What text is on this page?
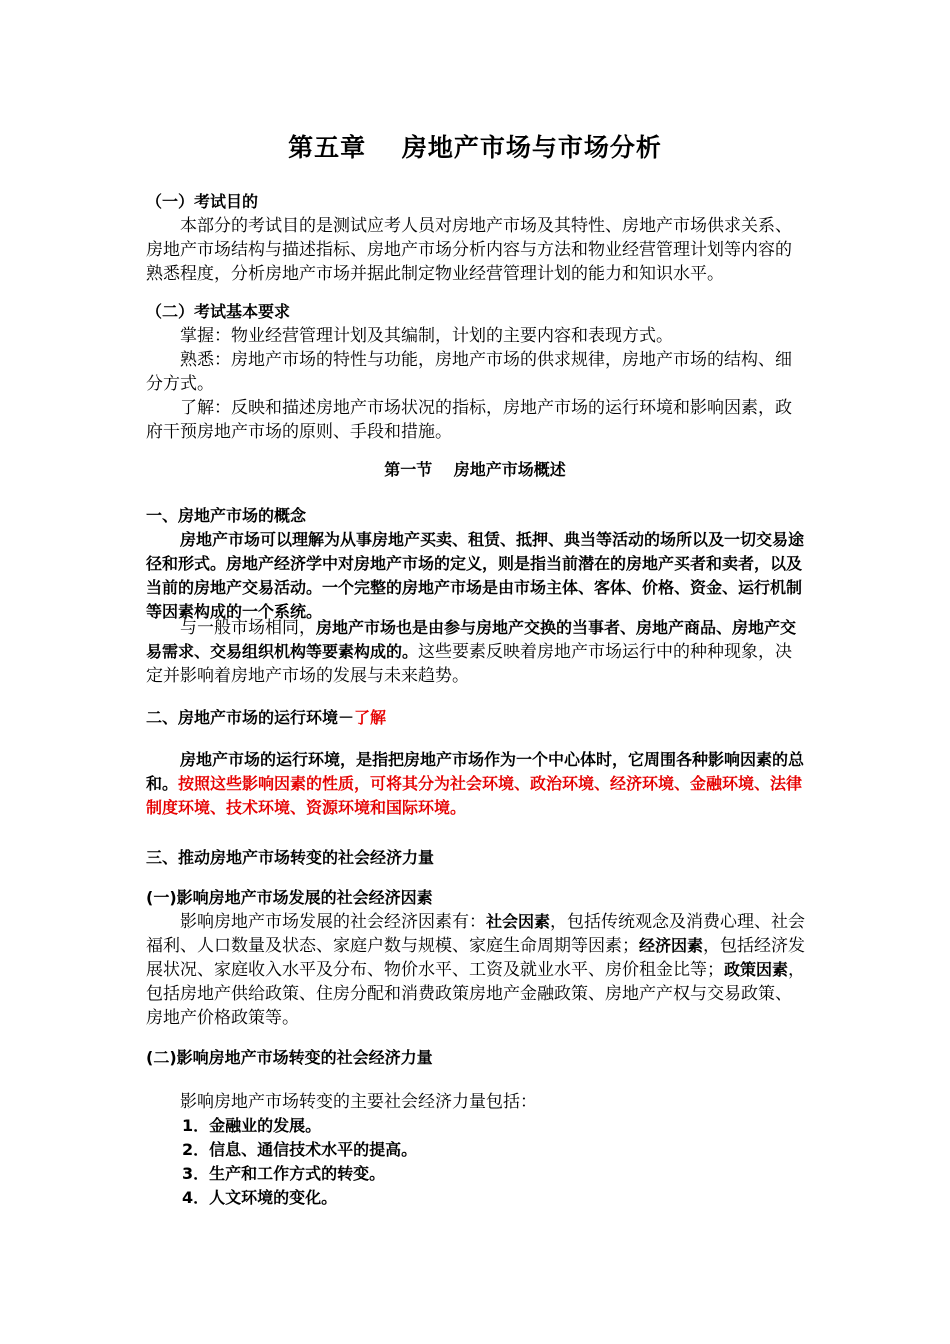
第五章　 房地产市场与市场分析
（一）考试目的

本部分的考试目的是测试应考人员对房地产市场及其特性、房地产市场供求关系、房地产市场结构与描述指标、房地产市场分析内容与方法和物业经营管理计划等内容的熟悉程度，分析房地产市场并据此制定物业经营管理计划的能力和知识水平。

（二）考试基本要求

掌握：物业经营管理计划及其编制，计划的主要内容和表现方式。

熟悉：房地产市场的特性与功能，房地产市场的供求规律，房地产市场的结构、细分方式。

了解：反映和描述房地产市场状况的指标，房地产市场的运行环境和影响因素，政府干预房地产市场的原则、手段和措施。

第一节　 房地产市场概述
一、房地产市场的概念

房地产市场可以理解为从事房地产买卖、租赁、抵押、典当等活动的场所以及一切交易途径和形式。房地产经济学中对房地产市场的定义，则是指当前潜在的房地产买者和卖者，以及当前的房地产交易活动。一个完整的房地产市场是由市场主体、客体、价格、资金、运行机制等因素构成的一个系统。

与一般市场相同，房地产市场也是由参与房地产交换的当事者、房地产商品、房地产交易需求、交易组织机构等要素构成的。这些要素反映着房地产市场运行中的种种现象，决定并影响着房地产市场的发展与未来趋势。

二、房地产市场的运行环境－了解

房地产市场的运行环境，是指把房地产市场作为一个中心体时，它周围各种影响因素的总和。按照这些影响因素的性质，可将其分为社会环境、政治环境、经济环境、金融环境、法律制度环境、技术环境、资源环境和国际环境。

三、推动房地产市场转变的社会经济力量
(一)影响房地产市场发展的社会经济因素

影响房地产市场发展的社会经济因素有：社会因素，包括传统观念及消费心理、社会福利、人口数量及状态、家庭户数与规模、家庭生命周期等因素；经济因素，包括经济发展状况、家庭收入水平及分布、物价水平、工资及就业水平、房价租金比等；政策因素，包括房地产供给政策、住房分配和消费政策房地产金融政策、房地产产权与交易政策、房地产价格政策等。

(二)影响房地产市场转变的社会经济力量

影响房地产市场转变的主要社会经济力量包括：

1．金融业的发展。
2．信息、通信技术水平的提高。
3．生产和工作方式的转变。
4．人文环境的变化。
